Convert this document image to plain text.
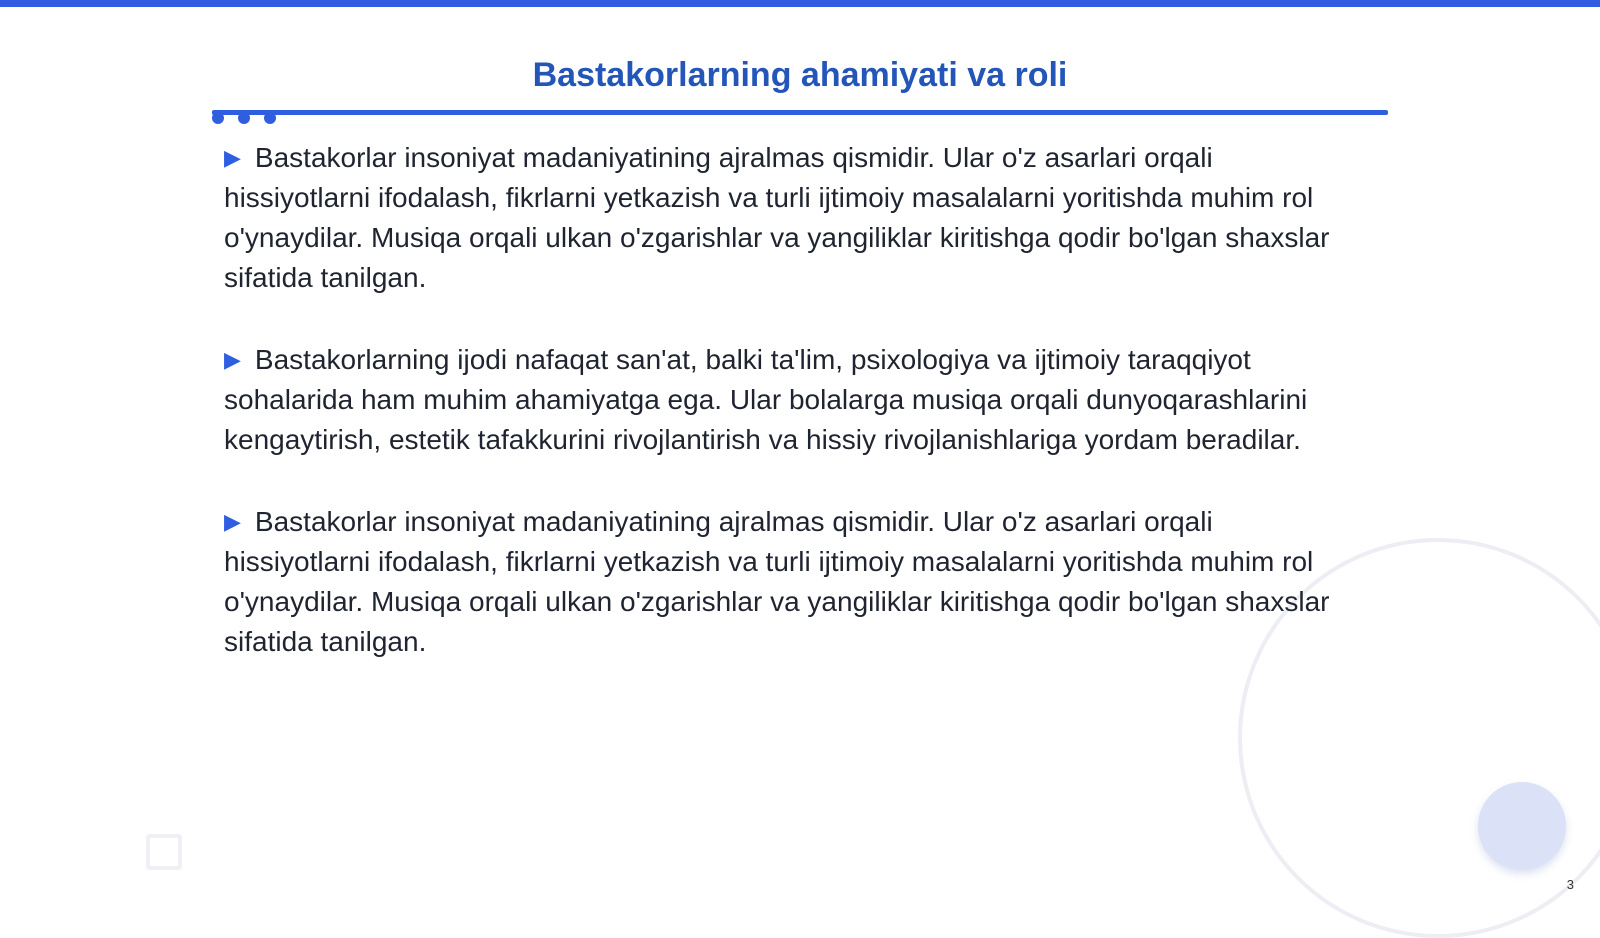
Bastakorlarning ahamiyati va roli

▶ Bastakorlar insoniyat madaniyatining ajralmas qismidir. Ular o'z asarlari orqali hissiyotlarni ifodalash, fikrlarni yetkazish va turli ijtimoiy masalalarni yoritishda muhim rol o'ynaydilar. Musiqa orqali ulkan o'zgarishlar va yangiliklar kiritishga qodir bo'lgan shaxslar sifatida tanilgan.

▶ Bastakorlarning ijodi nafaqat san'at, balki ta'lim, psixologiya va ijtimoiy taraqqiyot sohalarida ham muhim ahamiyatga ega. Ular bolalarga musiqa orqali dunyoqarashlarini kengaytirish, estetik tafakkurini rivojlantirish va hissiy rivojlanishlariga yordam beradilar.

▶ Bastakorlar insoniyat madaniyatining ajralmas qismidir. Ular o'z asarlari orqali hissiyotlarni ifodalash, fikrlarni yetkazish va turli ijtimoiy masalalarni yoritishda muhim rol o'ynaydilar. Musiqa orqali ulkan o'zgarishlar va yangiliklar kiritishga qodir bo'lgan shaxslar sifatida tanilgan.

3
